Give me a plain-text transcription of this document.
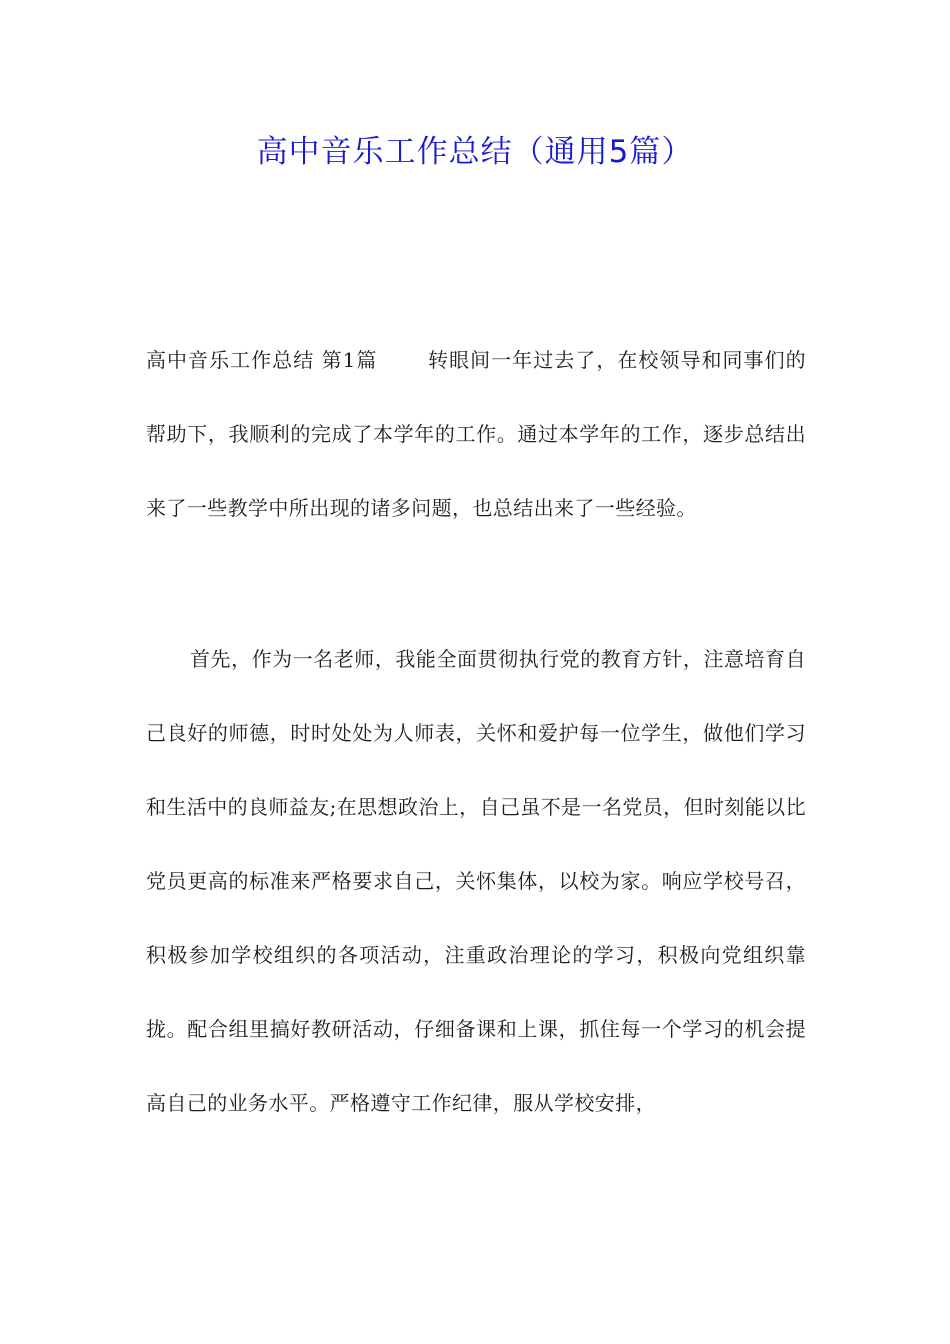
高中音乐工作总结（通用5篇）
高中音乐工作总结 第1篇	转眼间一年过去了，在校领导和同事们的帮助下，我顺利的完成了本学年的工作。通过本学年的工作，逐步总结出来了一些教学中所出现的诸多问题，也总结出来了一些经验。
首先，作为一名老师，我能全面贯彻执行党的教育方针，注意培育自己良好的师德，时时处处为人师表，关怀和爱护每一位学生，做他们学习和生活中的良师益友;在思想政治上，自己虽不是一名党员，但时刻能以比党员更高的标准来严格要求自己，关怀集体，以校为家。响应学校号召，积极参加学校组织的各项活动，注重政治理论的学习，积极向党组织靠拢。配合组里搞好教研活动，仔细备课和上课，抓住每一个学习的机会提高自己的业务水平。严格遵守工作纪律，服从学校安排，
